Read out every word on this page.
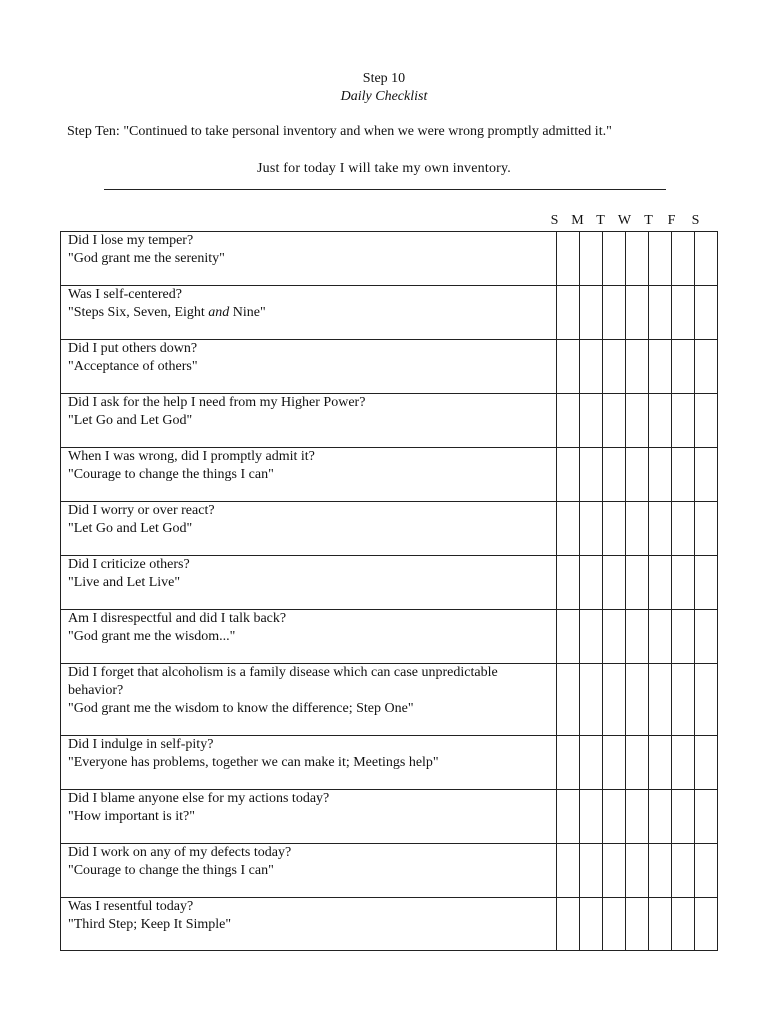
Step 10
Daily Checklist
Step Ten: "Continued to take personal inventory and when we were wrong promptly admitted it."
Just for today I will take my own inventory.
S M T W T	F	S
Did I lose my temper?
"God grant me the serenity"							

Was I self-centered?
"Steps Six, Seven, Eight and Nine"							

Did I put others down?
"Acceptance of others"							

Did I ask for the help I need from my Higher Power?
"Let Go and Let God"							

When I was wrong, did I promptly admit it?
"Courage to change the things I can"							

Did I worry or over react?
"Let Go and Let God"							

Did I criticize others?
"Live and Let Live"							

Am I disrespectful and did I talk back?
"God grant me the wisdom..."							

Did I forget that alcoholism is a family disease which can case unpredictable behavior?
"God grant me the wisdom to know the difference; Step One"							

Did I indulge in self-pity?
"Everyone has problems, together we can make it; Meetings help"							

Did I blame anyone else for my actions today?
"How important is it?"							

Did I work on any of my defects today?
"Courage to change the things I can"							

Was I resentful today?
"Third Step; Keep It Simple"							
